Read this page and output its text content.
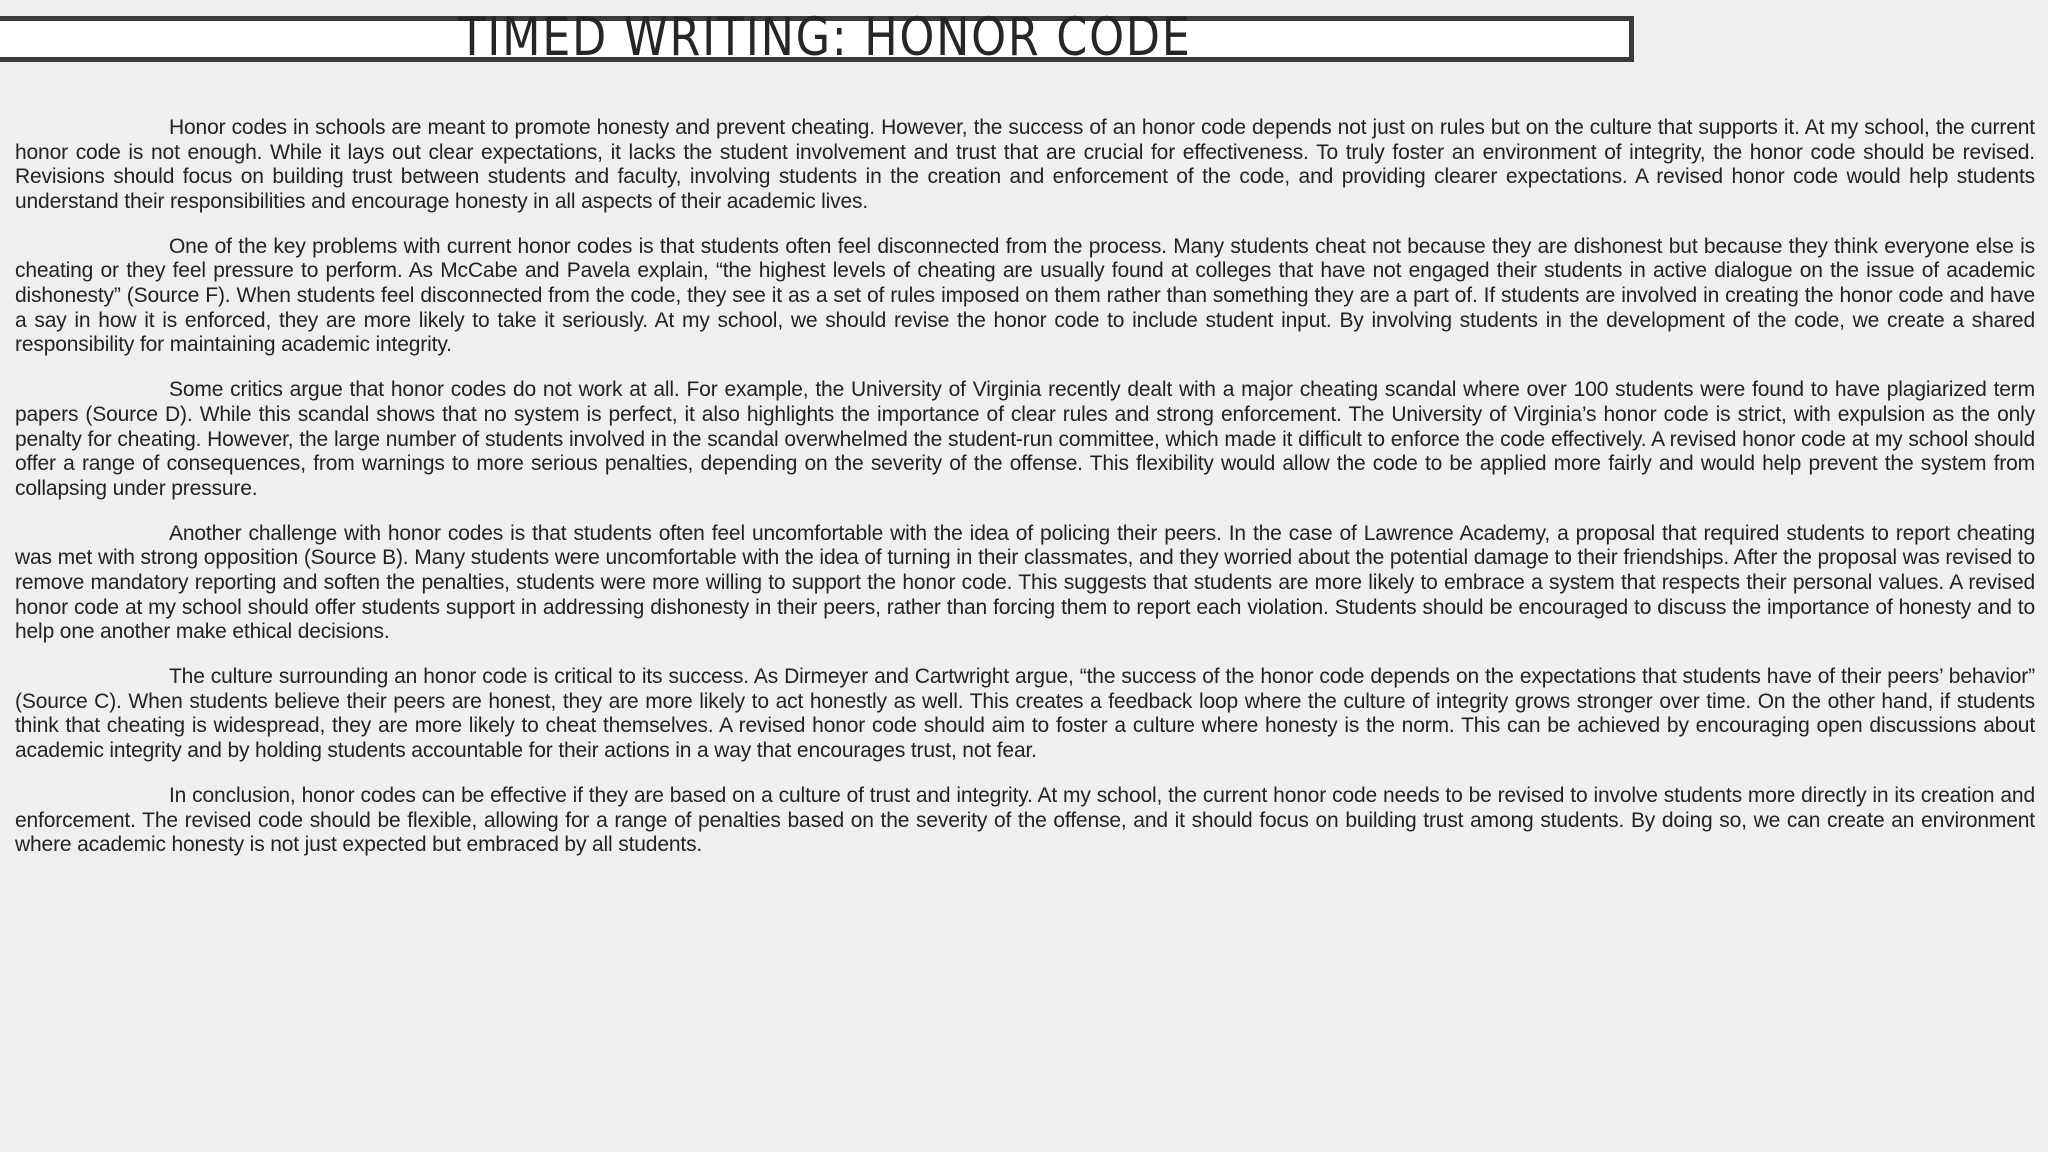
TIMED WRITING: HONOR CODE

Honor codes in schools are meant to promote honesty and prevent cheating. However, the success of an honor code depends not just on rules but on the culture that supports it. At my school, the current honor code is not enough. While it lays out clear expectations, it lacks the student involvement and trust that are crucial for effectiveness. To truly foster an environment of integrity, the honor code should be revised. Revisions should focus on building trust between students and faculty, involving students in the creation and enforcement of the code, and providing clearer expectations. A revised honor code would help students understand their responsibilities and encourage honesty in all aspects of their academic lives.

One of the key problems with current honor codes is that students often feel disconnected from the process. Many students cheat not because they are dishonest but because they think everyone else is cheating or they feel pressure to perform. As McCabe and Pavela explain, “the highest levels of cheating are usually found at colleges that have not engaged their students in active dialogue on the issue of academic dishonesty” (Source F). When students feel disconnected from the code, they see it as a set of rules imposed on them rather than something they are a part of. If students are involved in creating the honor code and have a say in how it is enforced, they are more likely to take it seriously. At my school, we should revise the honor code to include student input. By involving students in the development of the code, we create a shared responsibility for maintaining academic integrity.

Some critics argue that honor codes do not work at all. For example, the University of Virginia recently dealt with a major cheating scandal where over 100 students were found to have plagiarized term papers (Source D). While this scandal shows that no system is perfect, it also highlights the importance of clear rules and strong enforcement. The University of Virginia’s honor code is strict, with expulsion as the only penalty for cheating. However, the large number of students involved in the scandal overwhelmed the student-run committee, which made it difficult to enforce the code effectively. A revised honor code at my school should offer a range of consequences, from warnings to more serious penalties, depending on the severity of the offense. This flexibility would allow the code to be applied more fairly and would help prevent the system from collapsing under pressure.

Another challenge with honor codes is that students often feel uncomfortable with the idea of policing their peers. In the case of Lawrence Academy, a proposal that required students to report cheating was met with strong opposition (Source B). Many students were uncomfortable with the idea of turning in their classmates, and they worried about the potential damage to their friendships. After the proposal was revised to remove mandatory reporting and soften the penalties, students were more willing to support the honor code. This suggests that students are more likely to embrace a system that respects their personal values. A revised honor code at my school should offer students support in addressing dishonesty in their peers, rather than forcing them to report each violation. Students should be encouraged to discuss the importance of honesty and to help one another make ethical decisions.

The culture surrounding an honor code is critical to its success. As Dirmeyer and Cartwright argue, “the success of the honor code depends on the expectations that students have of their peers’ behavior” (Source C). When students believe their peers are honest, they are more likely to act honestly as well. This creates a feedback loop where the culture of integrity grows stronger over time. On the other hand, if students think that cheating is widespread, they are more likely to cheat themselves. A revised honor code should aim to foster a culture where honesty is the norm. This can be achieved by encouraging open discussions about academic integrity and by holding students accountable for their actions in a way that encourages trust, not fear.

In conclusion, honor codes can be effective if they are based on a culture of trust and integrity. At my school, the current honor code needs to be revised to involve students more directly in its creation and enforcement. The revised code should be flexible, allowing for a range of penalties based on the severity of the offense, and it should focus on building trust among students. By doing so, we can create an environment where academic honesty is not just expected but embraced by all students.
